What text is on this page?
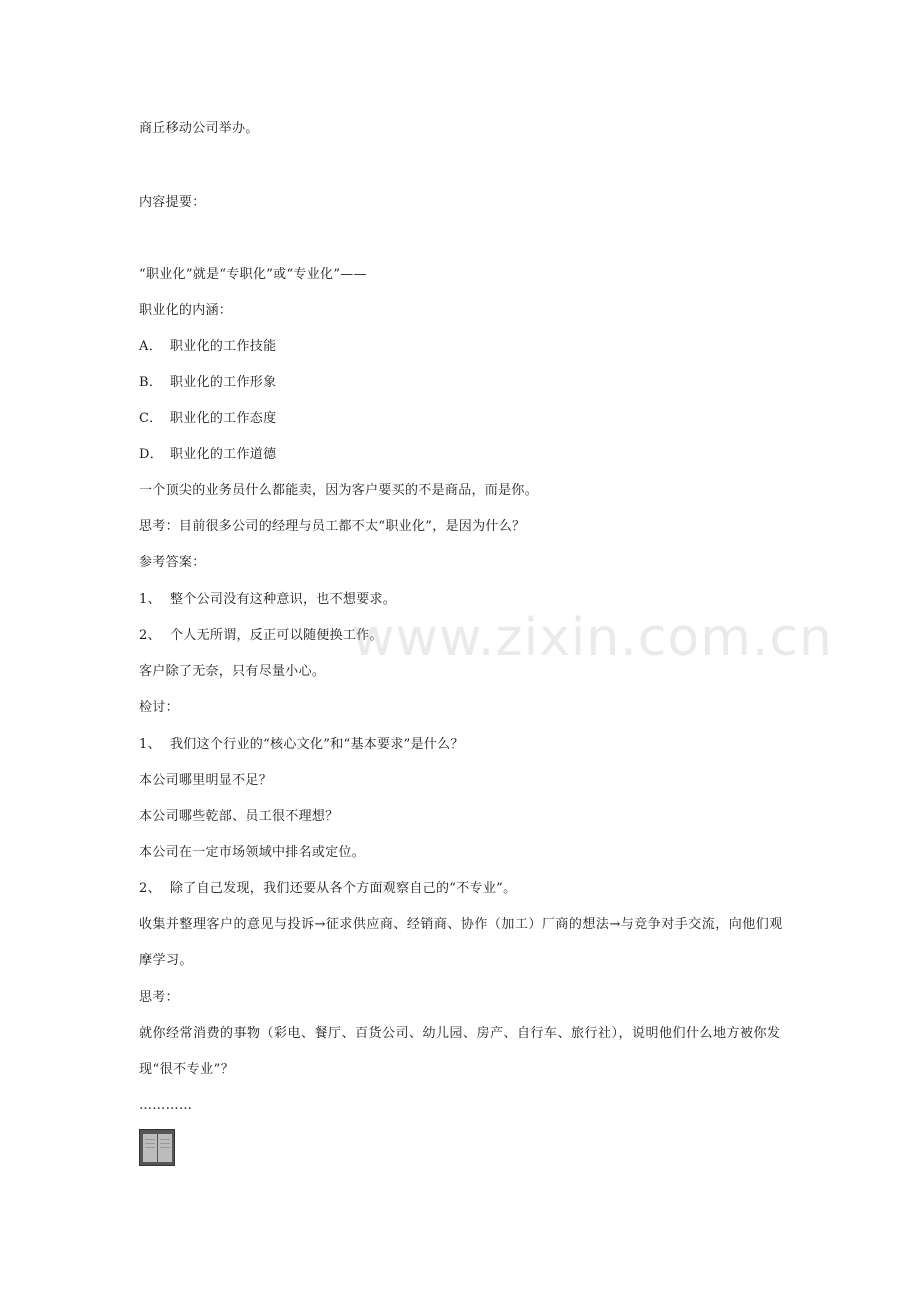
商丘移动公司举办。
内容提要：
“职业化”就是“专职化”或“专业化”——
职业化的内涵：
A． 职业化的工作技能
B． 职业化的工作形象
C． 职业化的工作态度
D． 职业化的工作道德
一个顶尖的业务员什么都能卖，因为客户要买的不是商品，而是你。
思考：目前很多公司的经理与员工都不太“职业化”，是因为什么？
参考答案：
1、 整个公司没有这种意识，也不想要求。
2、 个人无所谓，反正可以随便换工作。
客户除了无奈，只有尽量小心。
检讨：
1、 我们这个行业的“核心文化”和“基本要求”是什么？
本公司哪里明显不足？
本公司哪些乾部、员工很不理想？
本公司在一定市场领域中排名或定位。
2、 除了自己发现，我们还要从各个方面观察自己的“不专业”。
收集并整理客户的意见与投诉→征求供应商、经销商、协作（加工）厂商的想法→与竞争对手交流，向他们观摩学习。
思考：
就你经常消费的事物（彩电、餐厅、百货公司、幼儿园、房产、自行车、旅行社），说明他们什么地方被你发现“很不专业”？
…………
www.zixin.com.cn
